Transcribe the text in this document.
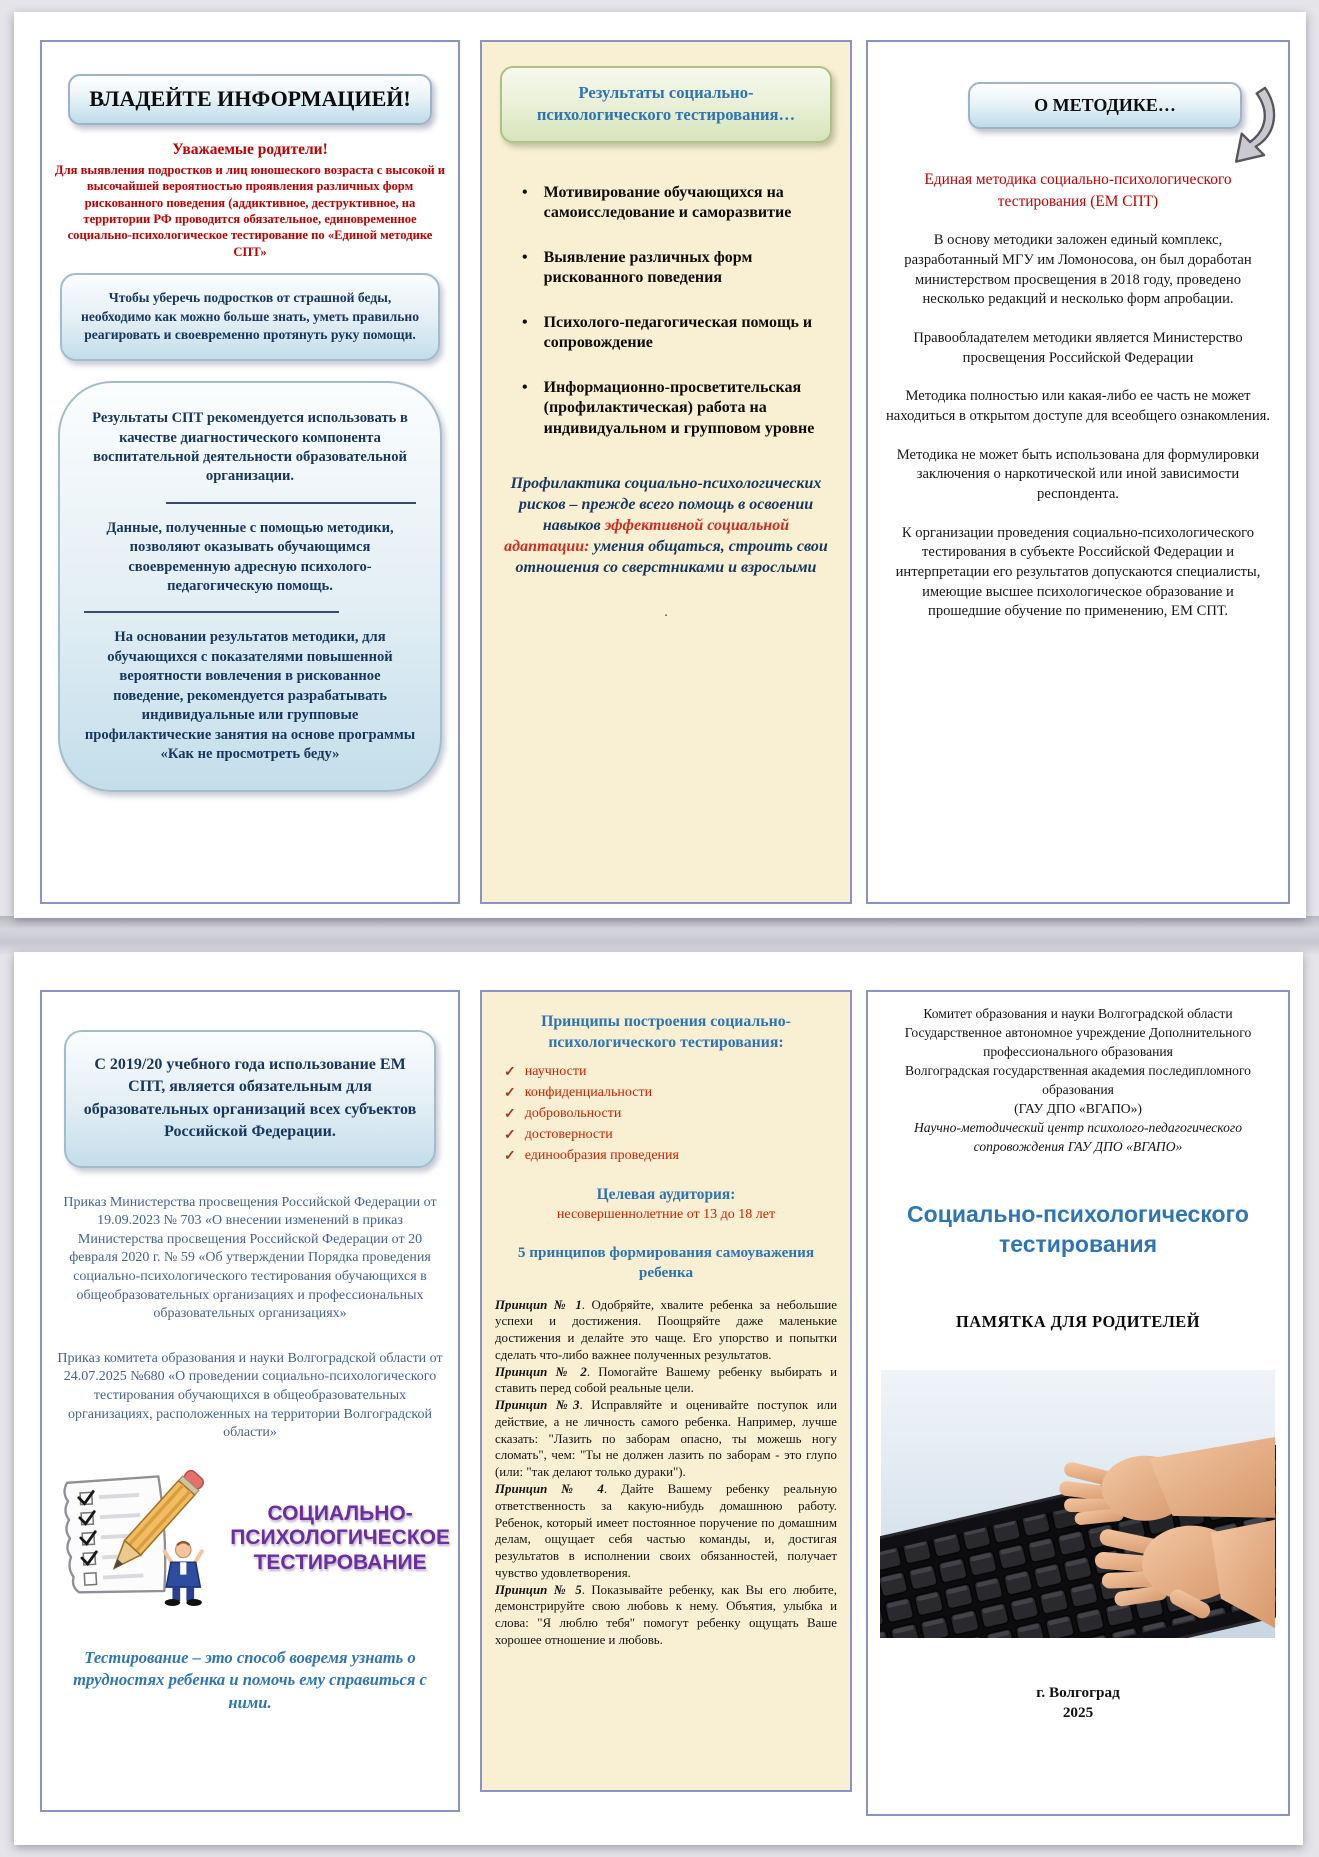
ВЛАДЕЙТЕ ИНФОРМАЦИЕЙ!
Уважаемые родители!
Для выявления подростков и лиц юношеского возраста с высокой и высочайшей вероятностью проявления различных форм рискованного поведения (аддиктивное, деструктивное, на территории РФ проводится обязательное, единовременное социально-психологическое тестирование по «Единой методике СПТ»
Чтобы уберечь подростков от страшной беды, необходимо как можно больше знать, уметь правильно реагировать и своевременно протянуть руку помощи.
Результаты СПТ рекомендуется использовать в качестве диагностического компонента воспитательной деятельности образовательной организации.
Данные, полученные с помощью методики, позволяют оказывать обучающимся своевременную адресную психолого-педагогическую помощь.
На основании результатов методики, для обучающихся с показателями повышенной вероятности вовлечения в рискованное поведение, рекомендуется разрабатывать индивидуальные или групповые профилактические занятия на основе программы «Как не просмотреть беду»
Результаты социально-психологического тестирования…
• Мотивирование обучающихся на самоисследование и саморазвитие
• Выявление различных форм рискованного поведения
• Психолого-педагогическая помощь и сопровождение
• Информационно-просветительская (профилактическая) работа на индивидуальном и групповом уровне

Профилактика социально-психологических рисков – прежде всего помощь в освоении навыков эффективной социальной адаптации: умения общаться, строить свои отношения со сверстниками и взрослыми

.
О МЕТОДИКЕ…
Единая методика социально-психологического тестирования (ЕМ СПТ)

В основу методики заложен единый комплекс, разработанный МГУ им Ломоносова, он был доработан министерством просвещения в 2018 году, проведено несколько редакций и несколько форм апробации.

Правообладателем методики является Министерство просвещения Российской Федерации

Методика полностью или какая-либо ее часть не может находиться в открытом доступе для всеобщего ознакомления.

Методика не может быть использована для формулировки заключения о наркотической или иной зависимости респондента.

К организации проведения социально-психологического тестирования в субъекте Российской Федерации и интерпретации его результатов допускаются специалисты, имеющие высшее психологическое образование и прошедшие обучение по применению, ЕМ СПТ.

С 2019/20 учебного года использование ЕМ СПТ, является обязательным для образовательных организаций всех субъектов Российской Федерации.

Приказ Министерства просвещения Российской Федерации от 19.09.2023 № 703 «О внесении изменений в приказ Министерства просвещения Российской Федерации от 20 февраля 2020 г. № 59 «Об утверждении Порядка проведения социально-психологического тестирования обучающихся в общеобразовательных организациях и профессиональных образовательных организациях»

Приказ комитета образования и науки Волгоградской области от 24.07.2025 №680 «О проведении социально-психологического тестирования обучающихся в общеобразовательных организациях, расположенных на территории Волгоградской области»

СОЦИАЛЬНО-ПСИХОЛОГИЧЕСКОЕ ТЕСТИРОВАНИЕ

Тестирование – это способ вовремя узнать о трудностях ребенка и помочь ему справиться с ними.

Принципы построения социально-психологического тестирования:
✓ научности
✓ конфиденциальности
✓ добровольности
✓ достоверности
✓ единообразия проведения
Целевая аудитория:
несовершеннолетние от 13 до 18 лет
5 принципов формирования самоуважения ребенка

Принцип № 1. Одобряйте, хвалите ребенка за небольшие успехи и достижения. Поощряйте даже маленькие достижения и делайте это чаще. Его упорство и попытки сделать что-либо важнее полученных результатов.

Принцип № 2. Помогайте Вашему ребенку выбирать и ставить перед собой реальные цели.

Принцип №3. Исправляйте и оценивайте поступок или действие, а не личность самого ребенка. Например, лучше сказать: "Лазить по заборам опасно, ты можешь ногу сломать", чем: "Ты не должен лазить по заборам - это глупо (или: "так делают только дураки").

Принцип № 4. Дайте Вашему ребенку реальную ответственность за какую-нибудь домашнюю работу. Ребенок, который имеет постоянное поручение по домашним делам, ощущает себя частью команды, и, достигая результатов в исполнении своих обязанностей, получает чувство удовлетворения.

Принцип № 5. Показывайте ребенку, как Вы его любите, демонстрируйте свою любовь к нему. Объятия, улыбка и слова: "Я люблю тебя" помогут ребенку ощущать Ваше хорошее отношение и любовь.

Комитет образования и науки Волгоградской области
Государственное автономное учреждение Дополнительного профессионального образования
Волгоградская государственная академия последипломного образования
(ГАУ ДПО «ВГАПО»)
Научно-методический центр психолого-педагогического сопровождения ГАУ ДПО «ВГАПО»
Социально-психологического тестирования
ПАМЯТКА ДЛЯ РОДИТЕЛЕЙ
г. Волгоград
2025
